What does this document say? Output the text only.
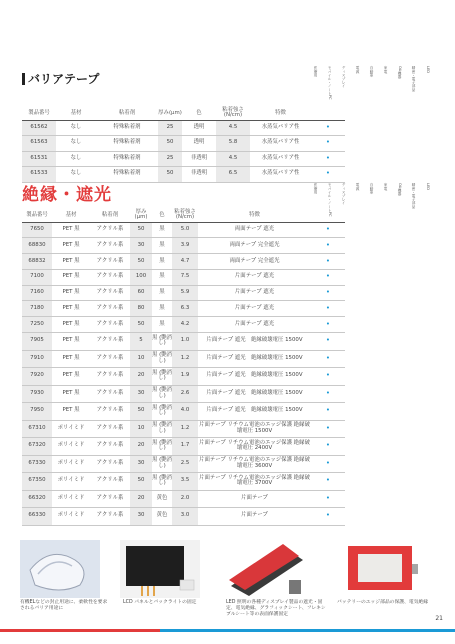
バリアテープ
医療用	モバイル・ノートPC	ディスプレイ	電源	自動車	家電	OA機器	精密・電子部品	LED
製品番号	基材	粘着剤	厚み(μm)	色	粘着強さ(N/cm)	特徴	
61562	なし	特殊粘着剤	25	透明	4.5	水蒸気バリア性	•
61563	なし	特殊粘着剤	50	透明	5.8	水蒸気バリア性	•
61531	なし	特殊粘着剤	25	非透明	4.5	水蒸気バリア性	•
61533	なし	特殊粘着剤	50	非透明	6.5	水蒸気バリア性	•
絶縁・遮光	医療用	モバイル・ノートPC	ディスプレイ	電源	自動車	家電	OA機器	精密・電子部品	LED
製品番号	基材	粘着剤	厚み(μm)	色	粘着強さ(N/cm)	特徴	
7650	PET 黒	アクリル系	50	黒	5.0	両面テープ 遮光	•
68830	PET 黒	アクリル系	30	黒	3.9	両面テープ 完全遮光	•
68832	PET 黒	アクリル系	50	黒	4.7	両面テープ 完全遮光	•
7100	PET 黒	アクリル系	100	黒	7.5	片面テープ 遮光	•
7160	PET 黒	アクリル系	60	黒	5.9	片面テープ 遮光	•
7180	PET 黒	アクリル系	80	黒	6.3	片面テープ 遮光	•
7250	PET 黒	アクリル系	50	黒	4.2	片面テープ 遮光	•
7905	PET 黒	アクリル系	5	黒 (艶消し)	1.0	片面テープ 遮光　絶縁破壊電圧 1500V	•
7910	PET 黒	アクリル系	10	黒 (艶消し)	1.2	片面テープ 遮光　絶縁破壊電圧 1500V	•
7920	PET 黒	アクリル系	20	黒 (艶消し)	1.9	片面テープ 遮光　絶縁破壊電圧 1500V	•
7930	PET 黒	アクリル系	30	黒 (艶消し)	2.6	片面テープ 遮光　絶縁破壊電圧 1500V	•
7950	PET 黒	アクリル系	50	黒 (艶消し)	4.0	片面テープ 遮光　絶縁破壊電圧 1500V	•
67310	ポリイミド	アクリル系	10	黒 (艶消し)	1.2	片面テープ リチウム電池のエッジ保護 絶縁破壊電圧 1500V	•
67320	ポリイミド	アクリル系	20	黒 (艶消し)	1.7	片面テープ リチウム電池のエッジ保護 絶縁破壊電圧 2400V	•
67330	ポリイミド	アクリル系	30	黒 (艶消し)	2.5	片面テープ リチウム電池のエッジ保護 絶縁破壊電圧 3600V	•
67350	ポリイミド	アクリル系	50	黒 (艶消し)	3.5	片面テープ リチウム電池のエッジ保護 絶縁破壊電圧 3700V	•
66320	ポリイミド	アクリル系	20	黄色	2.0	片面テープ	•
66330	ポリイミド	アクリル系	30	黄色	3.0	片面テープ	•
有機ELなどの封止用途に、柔軟性を要求されるバリア用途に
LCD パネルとバックライトの固定	LED 照明の各種ディスプレイ製品の遮光・固定、電気絶縁、グラフィックシート、フレキシブルシート等の表面保護固定
バッテリーのエッジ部品の保護、電気絶縁
21
